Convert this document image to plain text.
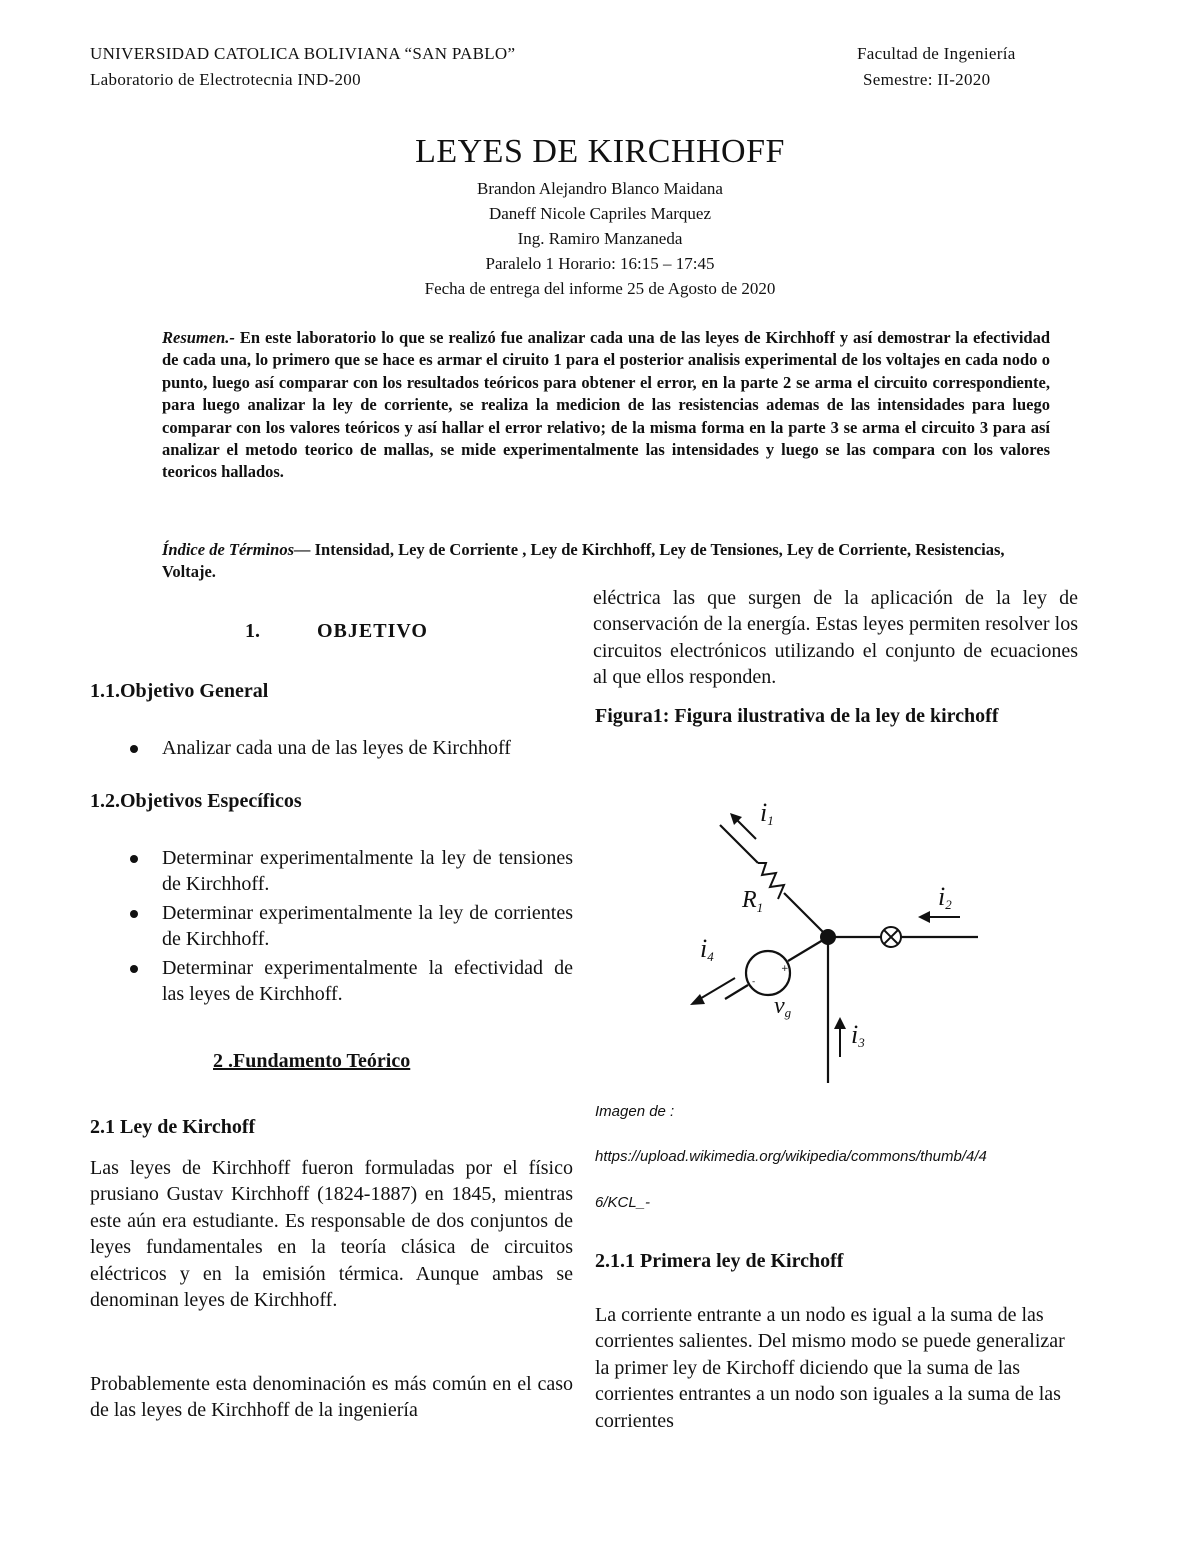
UNIVERSIDAD CATOLICA BOLIVIANA “SAN PABLO”
Laboratorio de Electrotecnia IND-200
Facultad de Ingeniería
Semestre: II-2020
LEYES DE KIRCHHOFF
Brandon Alejandro Blanco Maidana
Daneff Nicole Capriles Marquez
Ing. Ramiro Manzaneda
Paralelo 1 Horario: 16:15 – 17:45
Fecha de entrega del informe 25 de Agosto de 2020
Resumen.- En este laboratorio lo que se realizó fue analizar cada una de las leyes de Kirchhoff y así demostrar la efectividad de cada una, lo primero que se hace es armar el ciruito 1 para el posterior analisis experimental de los voltajes en cada nodo o punto, luego así comparar con los resultados teóricos para obtener el error, en la parte 2 se arma el circuito correspondiente, para luego analizar la ley de corriente, se realiza la medicion de las resistencias ademas de las intensidades para luego comparar con los valores teóricos y así hallar el error relativo; de la misma forma en la parte 3 se arma el circuito 3 para así analizar el metodo teorico de mallas, se mide experimentalmente las intensidades y luego se las compara con los valores teoricos hallados.
Índice de Términos— Intensidad, Ley de Corriente , Ley de Kirchhoff, Ley de Tensiones, Ley de Corriente, Resistencias, Voltaje.
1.	OBJETIVO
1.1.Objetivo General
Analizar cada una de las leyes de Kirchhoff
1.2.Objetivos Específicos
Determinar experimentalmente la ley de tensiones de Kirchhoff.
Determinar experimentalmente la ley de corrientes de Kirchhoff.
Determinar experimentalmente la efectividad de las leyes de Kirchhoff.
2 .Fundamento Teórico
2.1 Ley de Kirchoff
Las leyes de Kirchhoff fueron formuladas por el físico prusiano Gustav Kirchhoff (1824-1887) en 1845, mientras este aún era estudiante. Es responsable de dos conjuntos de leyes fundamentales en la teoría clásica de circuitos eléctricos y en la emisión térmica. Aunque ambas se denominan leyes de Kirchhoff.
Probablemente esta denominación es más común en el caso de las leyes de Kirchhoff de la ingeniería
eléctrica las que surgen de la aplicación de la ley de conservación de la energía. Estas leyes permiten resolver los circuitos electrónicos utilizando el conjunto de ecuaciones al que ellos responden.
Figura1: Figura ilustrativa de la ley de kirchoff
+
-
i1
i2
i3
i4
$R_1$
vg
Imagen de :
https://upload.wikimedia.org/wikipedia/commons/thumb/4/4
6/KCL_-
2.1.1 Primera ley de Kirchoff
La corriente entrante a un nodo es igual a la suma de las corrientes salientes. Del mismo modo se puede generalizar la primer ley de Kirchoff diciendo que la suma de las corrientes entrantes a un nodo son iguales a la suma de las corrientes
